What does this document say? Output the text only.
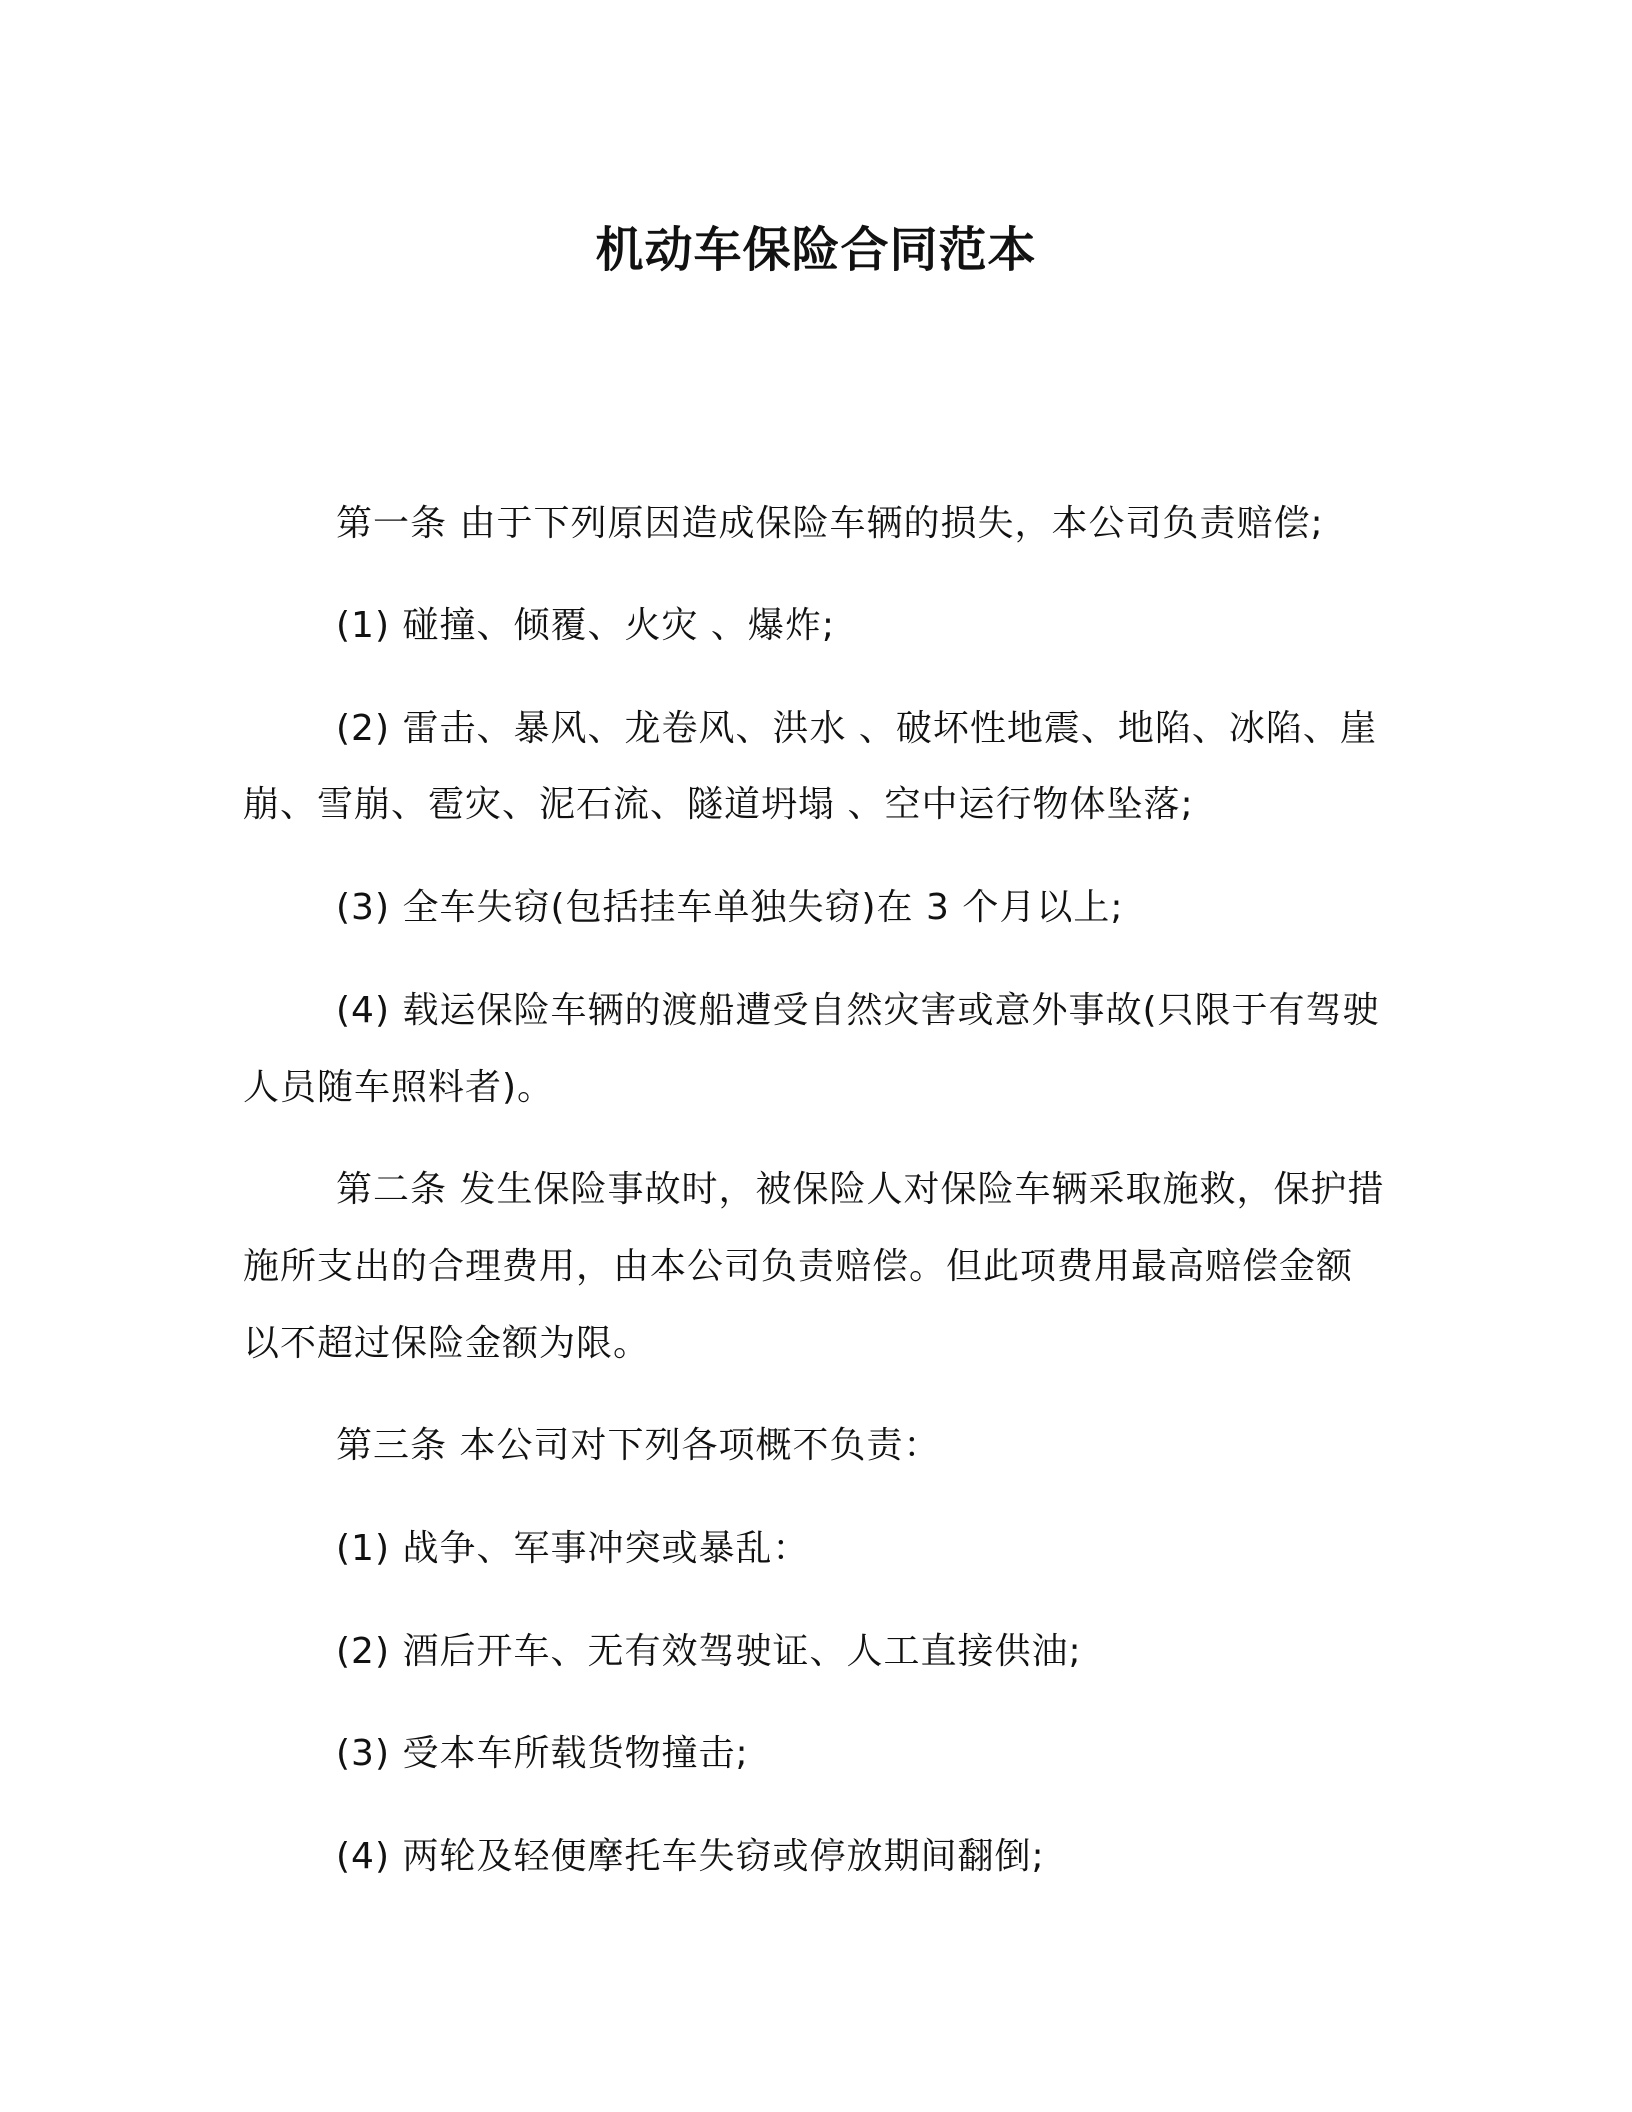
机动车保险合同范本
第一条 由于下列原因造成保险车辆的损失，本公司负责赔偿;
(1) 碰撞、倾覆、火灾 、爆炸;
(2) 雷击、暴风、龙卷风、洪水 、破坏性地震、地陷、冰陷、崖
崩、雪崩、雹灾、泥石流、隧道坍塌 、空中运行物体坠落;
(3) 全车失窃(包括挂车单独失窃)在 3 个月以上;
(4) 载运保险车辆的渡船遭受自然灾害或意外事故(只限于有驾驶
人员随车照料者)。
第二条 发生保险事故时，被保险人对保险车辆采取施救，保护措
施所支出的合理费用，由本公司负责赔偿。但此项费用最高赔偿金额
以不超过保险金额为限。
第三条 本公司对下列各项概不负责：
(1) 战争、军事冲突或暴乱：
(2) 酒后开车、无有效驾驶证、人工直接供油;
(3) 受本车所载货物撞击;
(4) 两轮及轻便摩托车失窃或停放期间翻倒;
